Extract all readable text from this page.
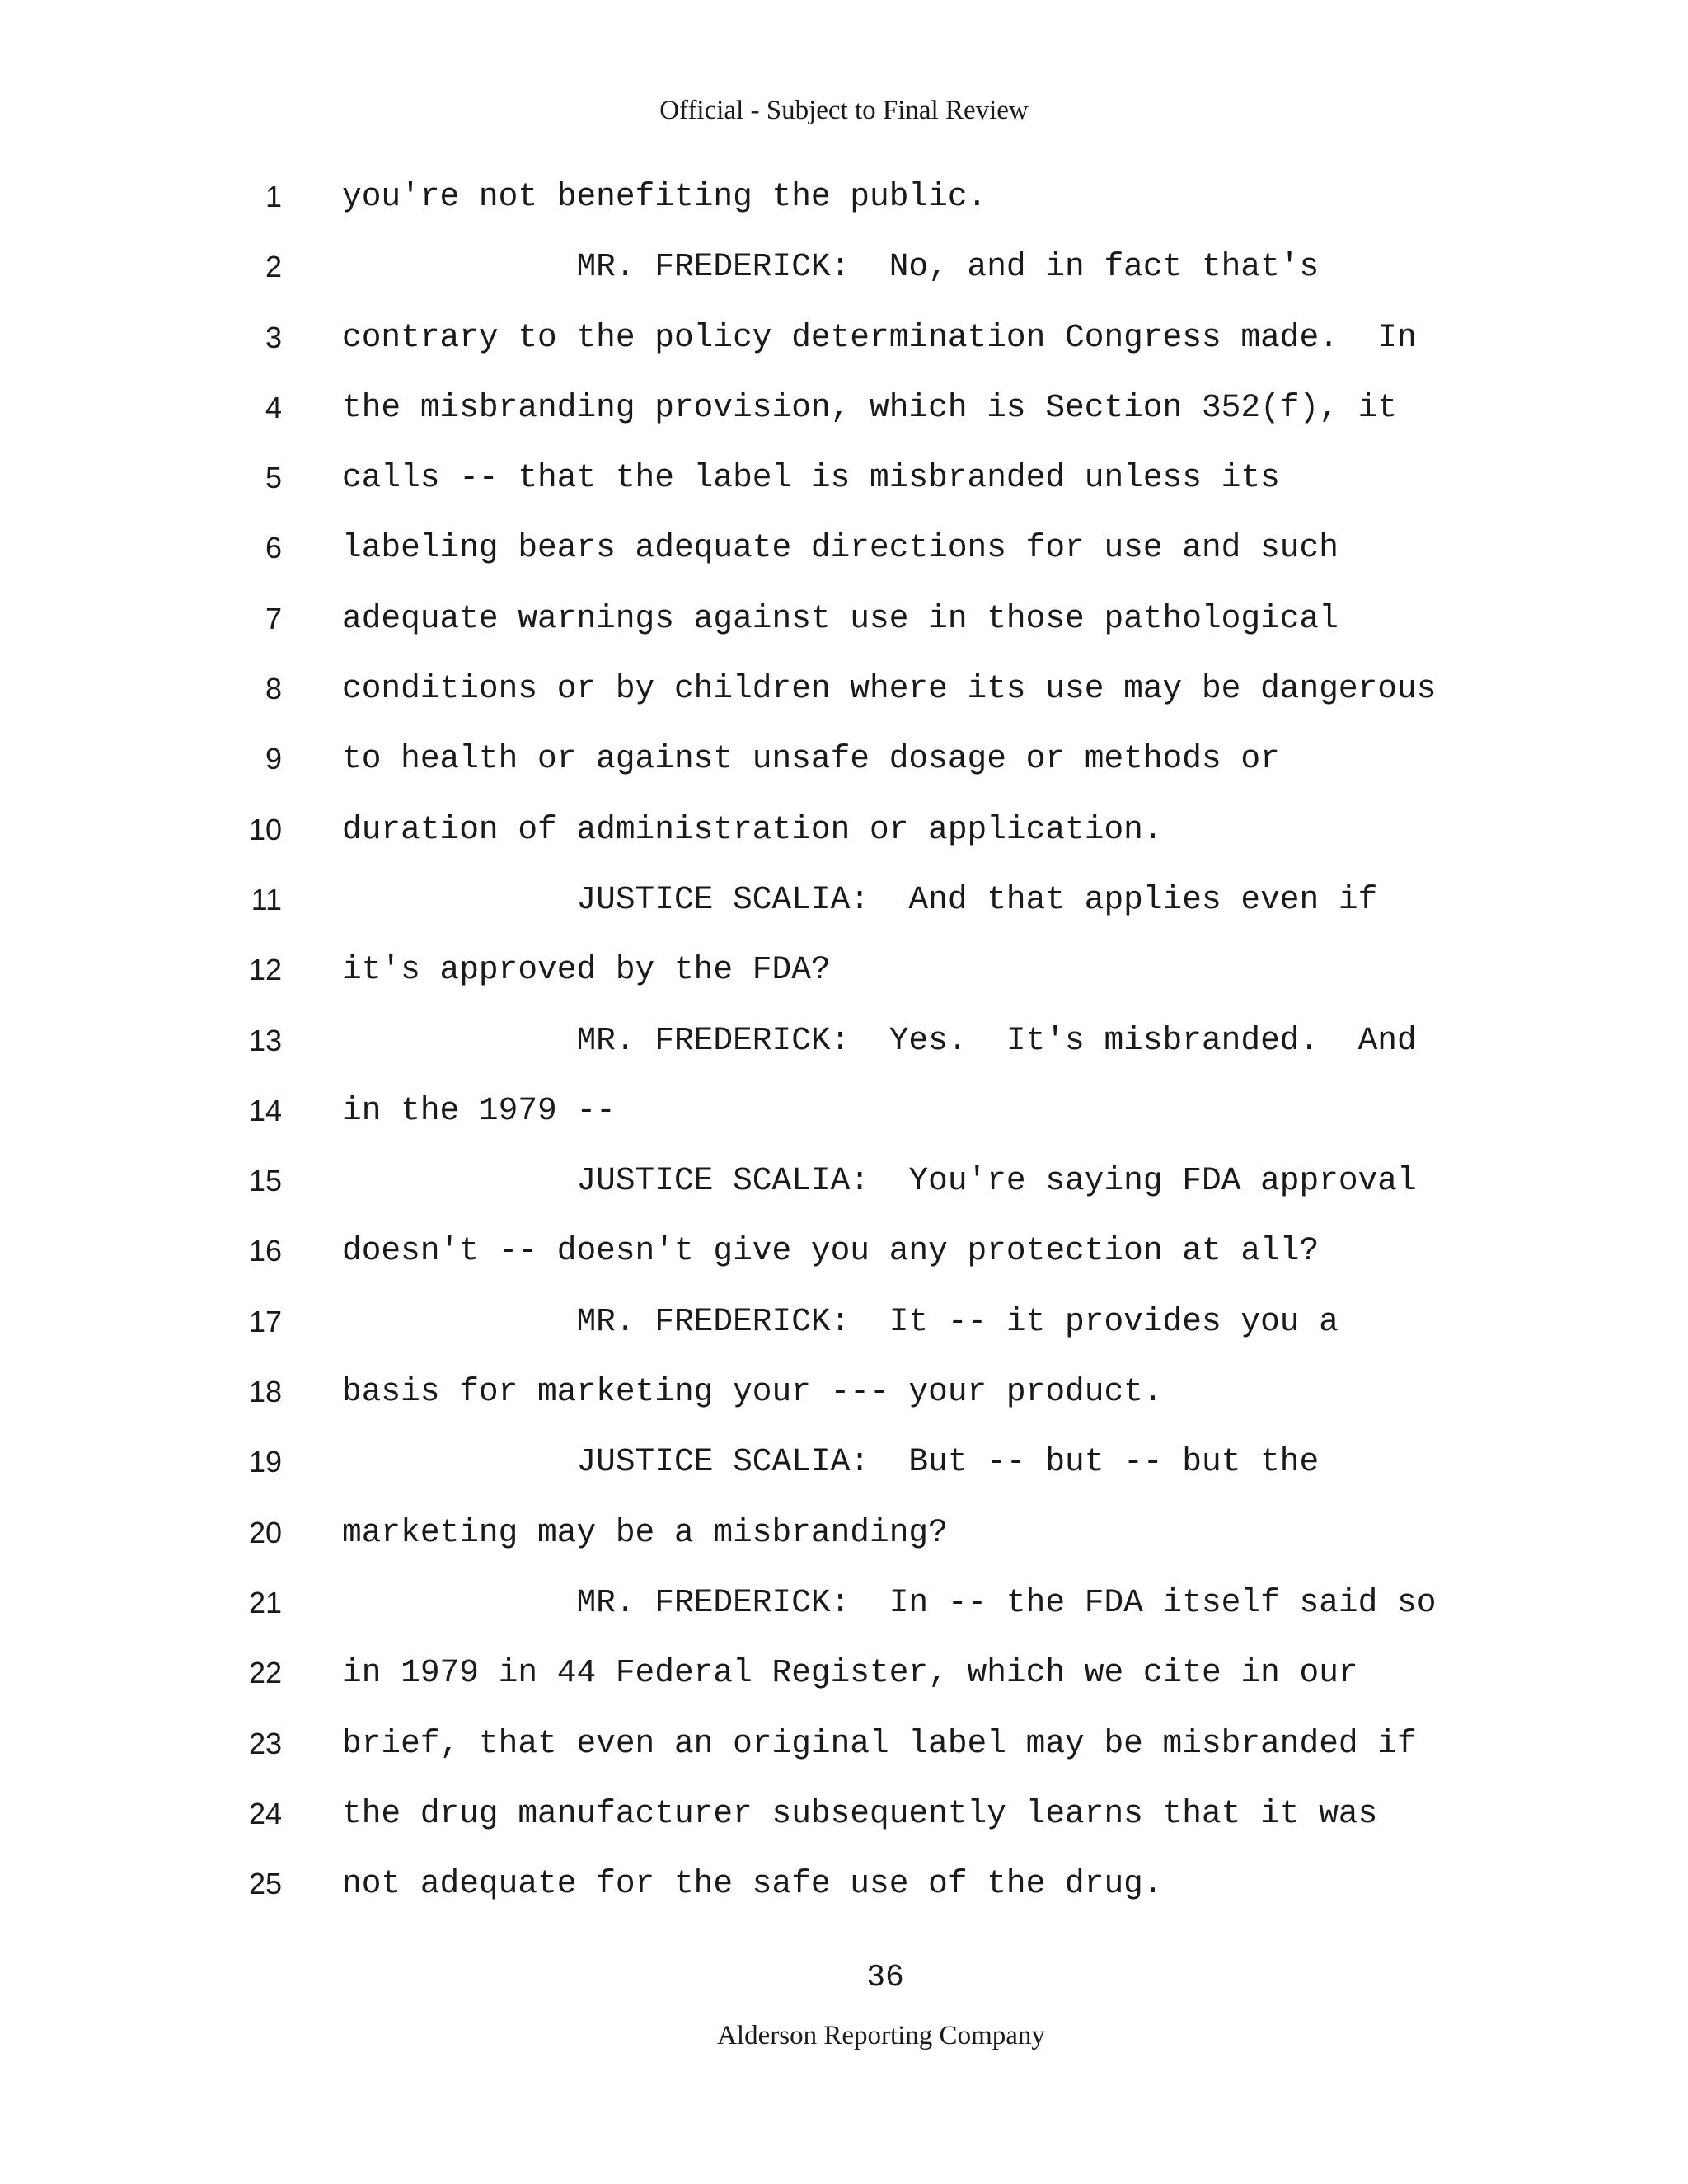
Official - Subject to Final Review
1 you're not benefiting the public.
2 MR. FREDERICK:  No, and in fact that's
3 contrary to the policy determination Congress made.  In
4 the misbranding provision, which is Section 352(f), it
5 calls -- that the label is misbranded unless its
6 labeling bears adequate directions for use and such
7 adequate warnings against use in those pathological
8 conditions or by children where its use may be dangerous
9 to health or against unsafe dosage or methods or
10 duration of administration or application.
11 JUSTICE SCALIA:  And that applies even if
12 it's approved by the FDA?
13 MR. FREDERICK:  Yes.  It's misbranded.  And
14 in the 1979 --
15 JUSTICE SCALIA:  You're saying FDA approval
16 doesn't -- doesn't give you any protection at all?
17 MR. FREDERICK:  It -- it provides you a
18 basis for marketing your --- your product.
19 JUSTICE SCALIA:  But -- but -- but the
20 marketing may be a misbranding?
21 MR. FREDERICK:  In -- the FDA itself said so
22 in 1979 in 44 Federal Register, which we cite in our
23 brief, that even an original label may be misbranded if
24 the drug manufacturer subsequently learns that it was
25 not adequate for the safe use of the drug.
36
Alderson Reporting Company
